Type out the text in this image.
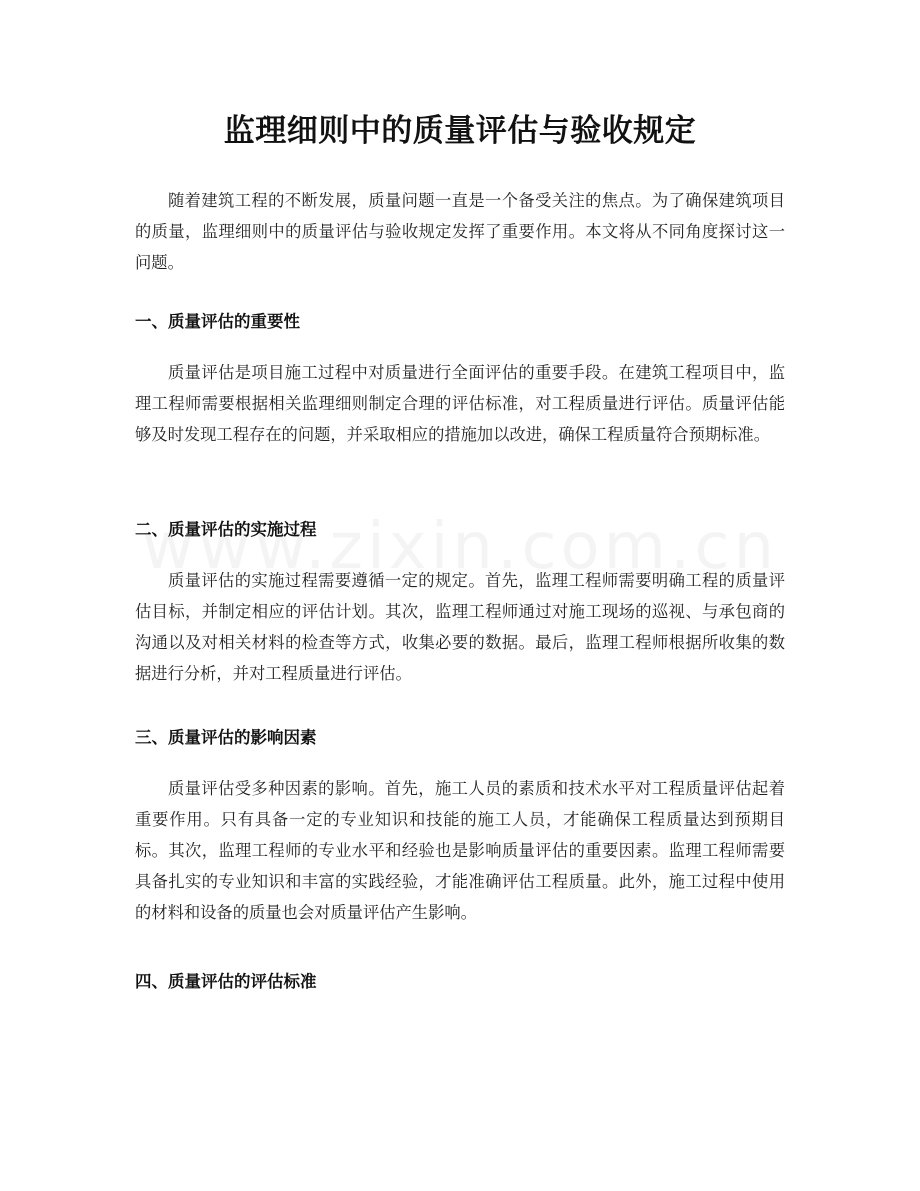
监理细则中的质量评估与验收规定

随着建筑工程的不断发展，质量问题一直是一个备受关注的焦点。为了确保建筑项目的质量，监理细则中的质量评估与验收规定发挥了重要作用。本文将从不同角度探讨这一问题。

一、质量评估的重要性

质量评估是项目施工过程中对质量进行全面评估的重要手段。在建筑工程项目中，监理工程师需要根据相关监理细则制定合理的评估标准，对工程质量进行评估。质量评估能够及时发现工程存在的问题，并采取相应的措施加以改进，确保工程质量符合预期标准。

二、质量评估的实施过程

质量评估的实施过程需要遵循一定的规定。首先，监理工程师需要明确工程的质量评估目标，并制定相应的评估计划。其次，监理工程师通过对施工现场的巡视、与承包商的沟通以及对相关材料的检查等方式，收集必要的数据。最后，监理工程师根据所收集的数据进行分析，并对工程质量进行评估。

三、质量评估的影响因素

质量评估受多种因素的影响。首先，施工人员的素质和技术水平对工程质量评估起着重要作用。只有具备一定的专业知识和技能的施工人员，才能确保工程质量达到预期目标。其次，监理工程师的专业水平和经验也是影响质量评估的重要因素。监理工程师需要具备扎实的专业知识和丰富的实践经验，才能准确评估工程质量。此外，施工过程中使用的材料和设备的质量也会对质量评估产生影响。

四、质量评估的评估标准
